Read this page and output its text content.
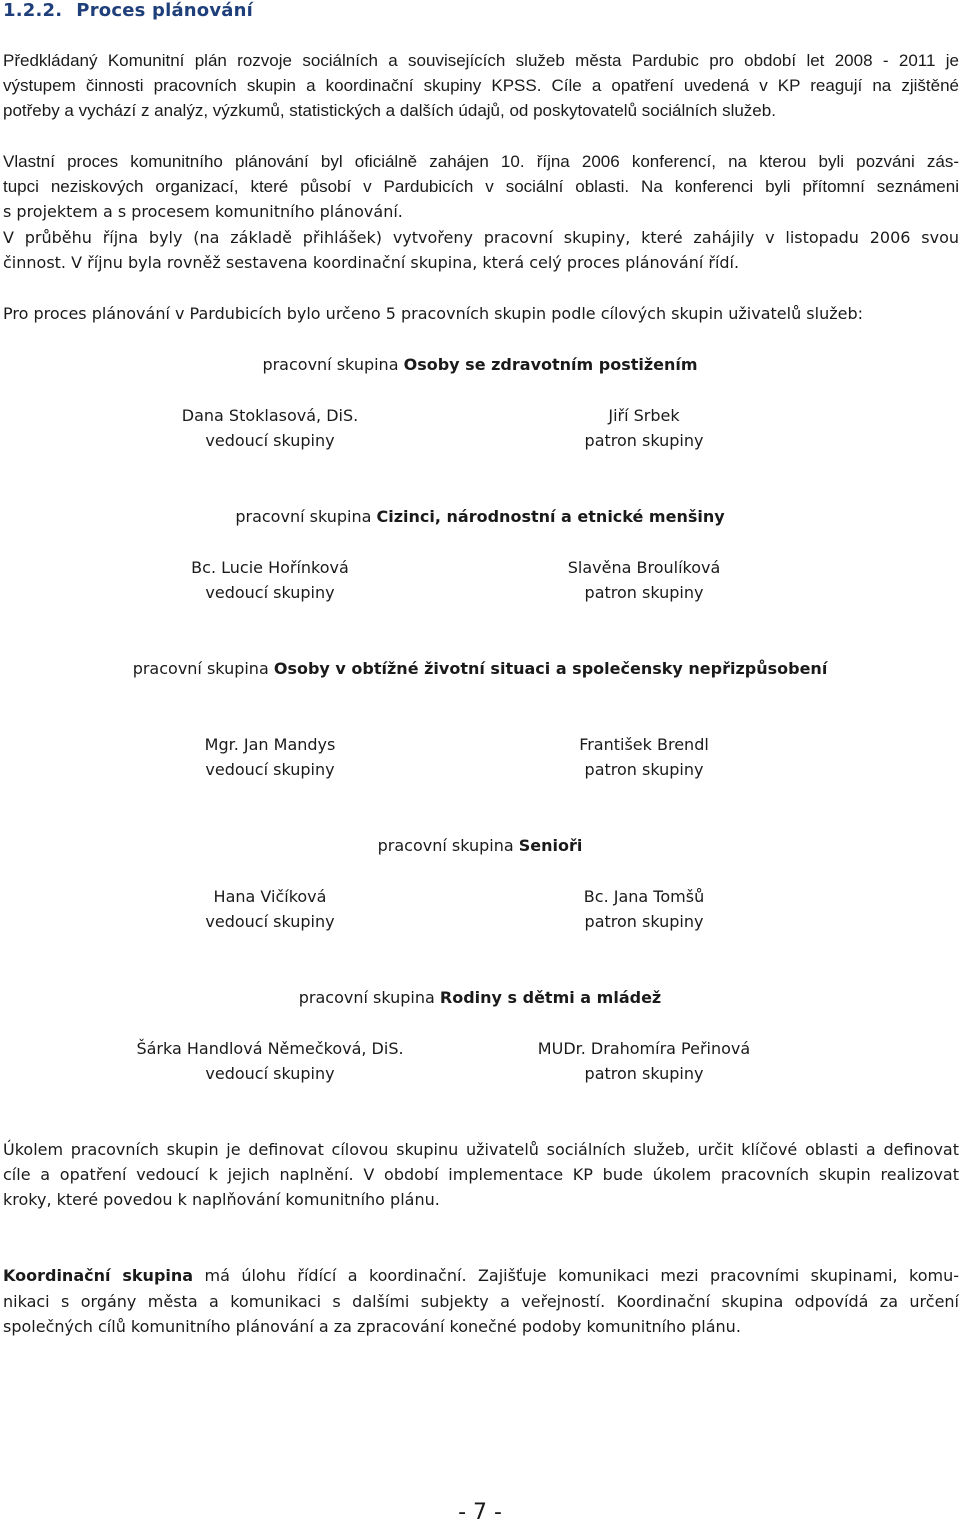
1.2.2. Proces plánování
Předkládaný Komunitní plán rozvoje sociálních a souvisejících služeb města Pardubic pro období let 2008 - 2011 je
výstupem činnosti pracovních skupin a koordinační skupiny KPSS. Cíle a opatření uvedená v KP reagují na zjištěné
potřeby a vychází z analýz, výzkumů, statistických a dalších údajů, od poskytovatelů sociálních služeb.
Vlastní proces komunitního plánování byl oficiálně zahájen 10. října 2006 konferencí, na kterou byli pozváni zás-
tupci neziskových organizací, které působí v Pardubicích v sociální oblasti. Na konferenci byli přítomní seznámeni
s projektem a s procesem komunitního plánování.
V průběhu října byly (na základě přihlášek) vytvořeny pracovní skupiny, které zahájily v listopadu 2006 svou
činnost. V říjnu byla rovněž sestavena koordinační skupina, která celý proces plánování řídí.
Pro proces plánování v Pardubicích bylo určeno 5 pracovních skupin podle cílových skupin uživatelů služeb:
pracovní skupina Osoby se zdravotním postižením
Dana Stoklasová, DiS.
vedoucí skupiny
Jiří Srbek
patron skupiny
pracovní skupina Cizinci, národnostní a etnické menšiny
Bc. Lucie Hořínková
vedoucí skupiny
Slavěna Broulíková
patron skupiny
pracovní skupina Osoby v obtížné životní situaci a společensky nepřizpůsobení
Mgr. Jan Mandys
vedoucí skupiny
František Brendl
patron skupiny
pracovní skupina Senioři
Hana Vičíková
vedoucí skupiny
Bc. Jana Tomšů
patron skupiny
pracovní skupina Rodiny s dětmi a mládež
Šárka Handlová Němečková, DiS.
vedoucí skupiny
MUDr. Drahomíra Peřinová
patron skupiny
Úkolem pracovních skupin je definovat cílovou skupinu uživatelů sociálních služeb, určit klíčové oblasti a definovat
cíle a opatření vedoucí k jejich naplnění. V období implementace KP bude úkolem pracovních skupin realizovat
kroky, které povedou k naplňování komunitního plánu.
Koordinační skupina má úlohu řídící a koordinační. Zajišťuje komunikaci mezi pracovními skupinami, komu-
nikaci s orgány města a komunikaci s dalšími subjekty a veřejností. Koordinační skupina odpovídá za určení
společných cílů komunitního plánování a za zpracování konečné podoby komunitního plánu.
- 7 -
